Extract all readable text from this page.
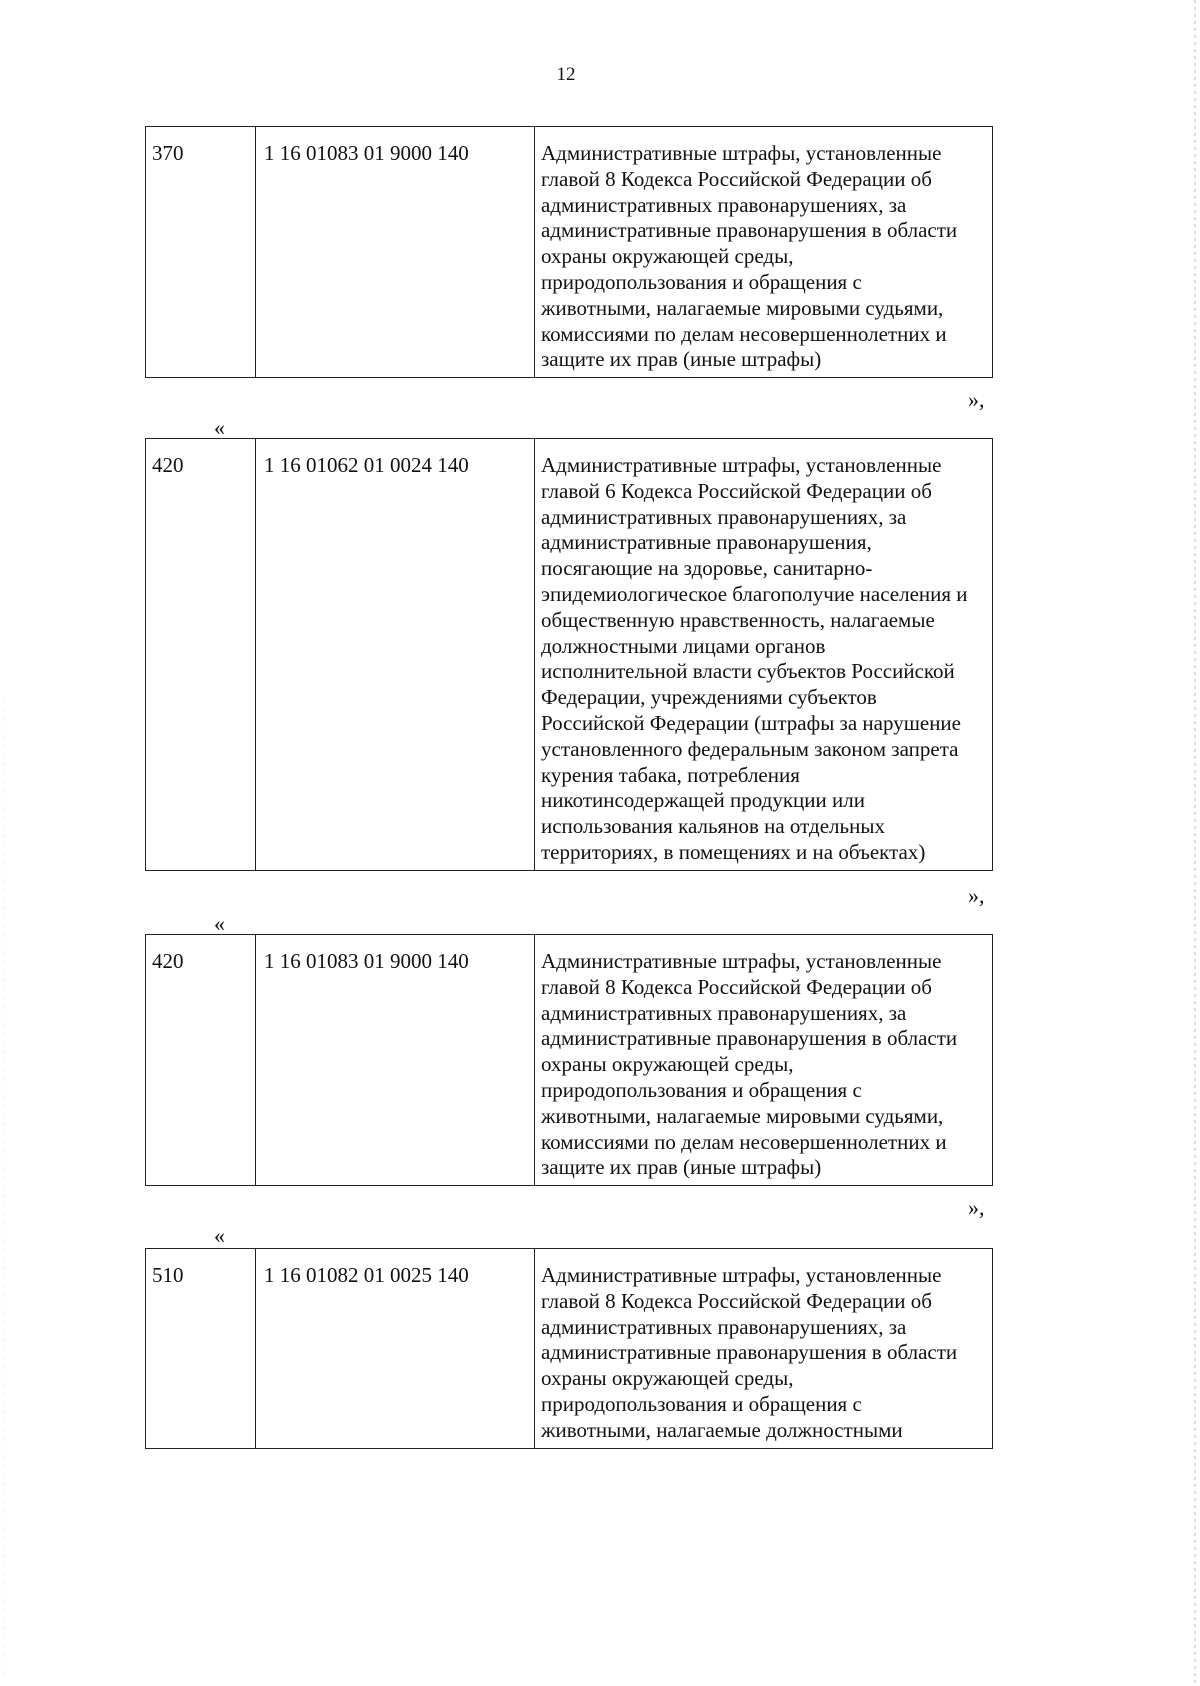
12
370	1 16 01083 01 9000 140	Административные штрафы, установленные
главой 8 Кодекса Российской Федерации об
административных правонарушениях, за
административные правонарушения в области
охраны окружающей среды,
природопользования и обращения с
животными, налагаемые мировыми судьями,
комиссиями по делам несовершеннолетних и
защите их прав (иные штрафы)
»,
«
420	1 16 01062 01 0024 140	Административные штрафы, установленные
главой 6 Кодекса Российской Федерации об
административных правонарушениях, за
административные правонарушения,
посягающие на здоровье, санитарно-
эпидемиологическое благополучие населения и
общественную нравственность, налагаемые
должностными лицами органов
исполнительной власти субъектов Российской
Федерации, учреждениями субъектов
Российской Федерации (штрафы за нарушение
установленного федеральным законом запрета
курения табака, потребления
никотинсодержащей продукции или
использования кальянов на отдельных
территориях, в помещениях и на объектах)
»,
«
420	1 16 01083 01 9000 140	Административные штрафы, установленные
главой 8 Кодекса Российской Федерации об
административных правонарушениях, за
административные правонарушения в области
охраны окружающей среды,
природопользования и обращения с
животными, налагаемые мировыми судьями,
комиссиями по делам несовершеннолетних и
защите их прав (иные штрафы)
»,
«
510	1 16 01082 01 0025 140	Административные штрафы, установленные
главой 8 Кодекса Российской Федерации об
административных правонарушениях, за
административные правонарушения в области
охраны окружающей среды,
природопользования и обращения с
животными, налагаемые должностными
